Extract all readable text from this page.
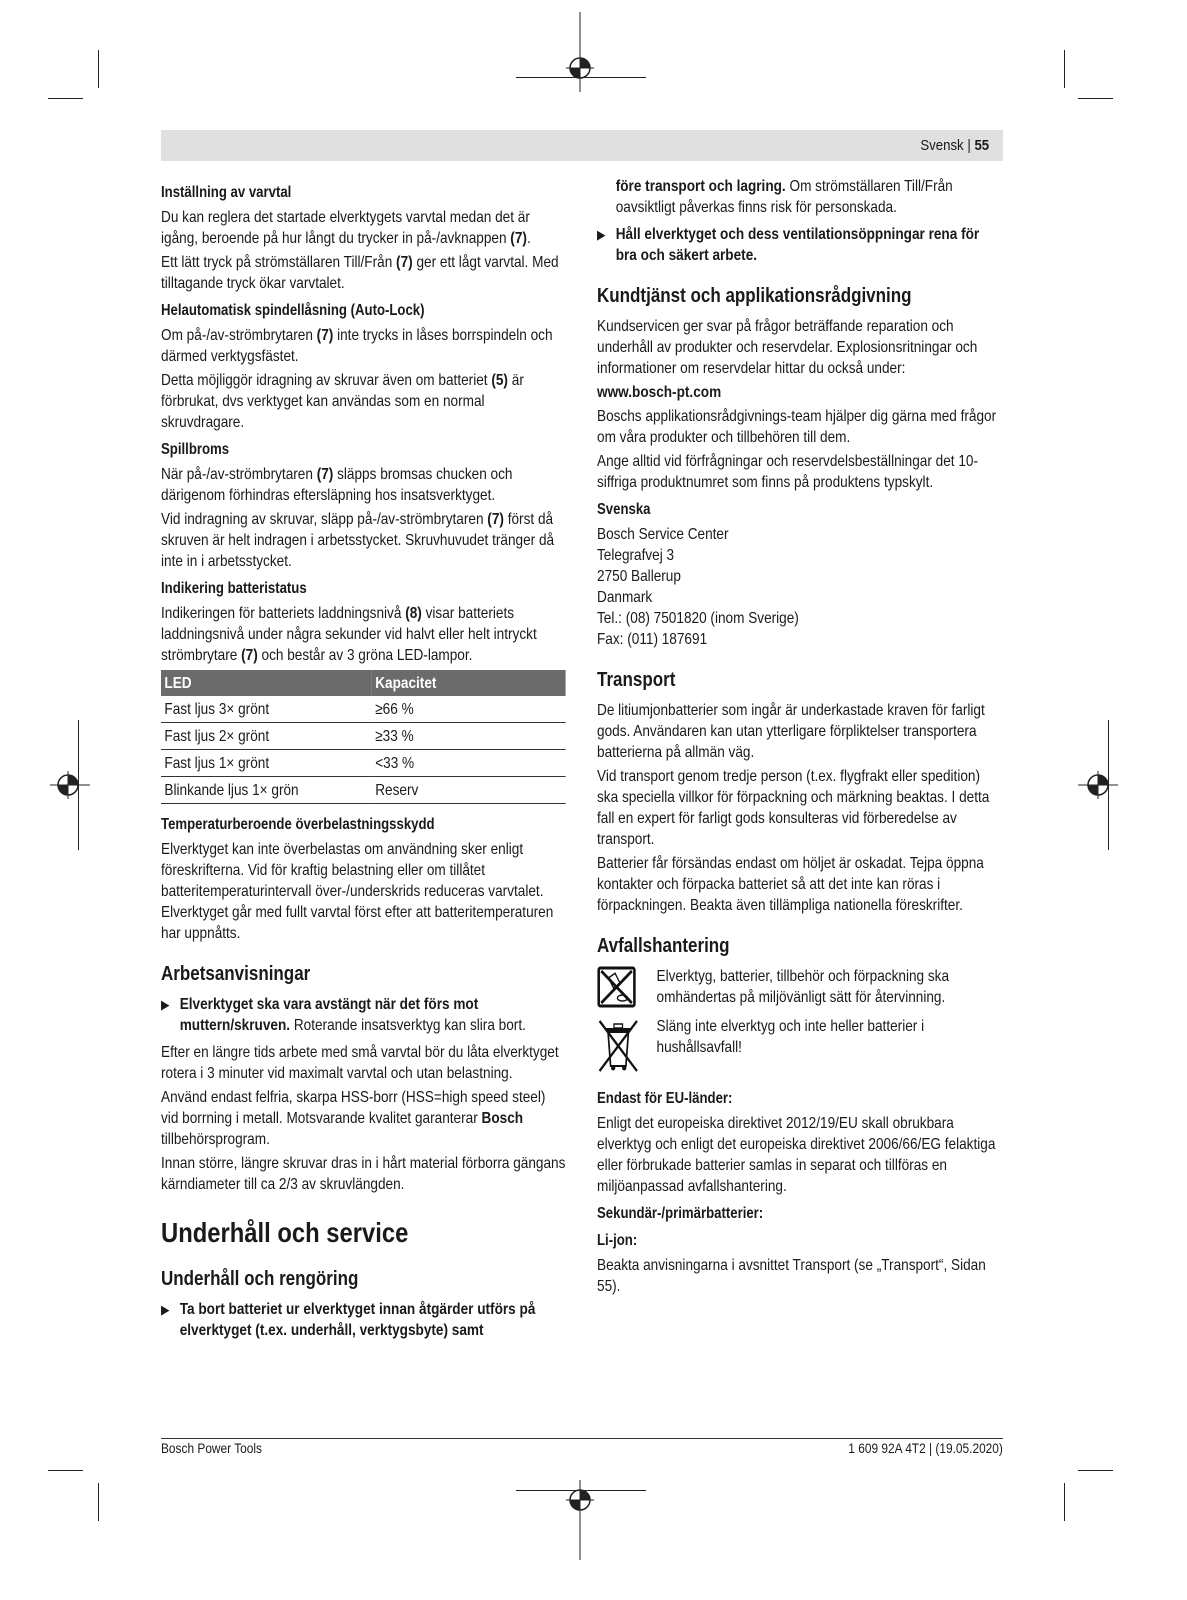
Svensk | 55
Inställning av varvtal
Du kan reglera det startade elverktygets varvtal medan det är igång, beroende på hur långt du trycker in på-/avknappen (7).
Ett lätt tryck på strömställaren Till/Från (7) ger ett lågt varvtal. Med tilltagande tryck ökar varvtalet.
Helautomatisk spindellåsning (Auto-Lock)
Om på-/av-strömbrytaren (7) inte trycks in låses borrspindeln och därmed verktygsfästet.
Detta möjliggör idragning av skruvar även om batteriet (5) är förbrukat, dvs verktyget kan användas som en normal skruvdragare.
Spillbroms
När på-/av-strömbrytaren (7) släpps bromsas chucken och därigenom förhindras eftersläpning hos insatsverktyget.
Vid indragning av skruvar, släpp på-/av-strömbrytaren (7) först då skruven är helt indragen i arbetsstycket. Skruvhuvudet tränger då inte in i arbetsstycket.
Indikering batteristatus
Indikeringen för batteriets laddningsnivå (8) visar batteriets laddningsnivå under några sekunder vid halvt eller helt intryckt strömbrytare (7) och består av 3 gröna LED-lampor.
LED	Kapacitet
Fast ljus 3× grönt	≥66 %
Fast ljus 2× grönt	≥33 %
Fast ljus 1× grönt	<33 %
Blinkande ljus 1× grön	Reserv
Temperaturberoende överbelastningsskydd
Elverktyget kan inte överbelastas om användning sker enligt föreskrifterna. Vid för kraftig belastning eller om tillåtet batteritemperaturintervall över-/underskrids reduceras varvtalet. Elverktyget går med fullt varvtal först efter att batteritemperaturen har uppnåtts.
Arbetsanvisningar
▶ Elverktyget ska vara avstängt när det förs mot muttern/skruven. Roterande insatsverktyg kan slira bort.
Efter en längre tids arbete med små varvtal bör du låta elverktyget rotera i 3 minuter vid maximalt varvtal och utan belastning.
Använd endast felfria, skarpa HSS-borr (HSS=high speed steel) vid borrning i metall. Motsvarande kvalitet garanterar Bosch tillbehörsprogram.
Innan större, längre skruvar dras in i hårt material förborra gängans kärndiameter till ca 2/3 av skruvlängden.
Underhåll och service
Underhåll och rengöring
▶ Ta bort batteriet ur elverktyget innan åtgärder utförs på elverktyget (t.ex. underhåll, verktygsbyte) samt
före transport och lagring. Om strömställaren Till/Från oavsiktligt påverkas finns risk för personskada.
▶ Håll elverktyget och dess ventilationsöppningar rena för bra och säkert arbete.
Kundtjänst och applikationsrådgivning
Kundservicen ger svar på frågor beträffande reparation och underhåll av produkter och reservdelar. Explosionsritningar och informationer om reservdelar hittar du också under:
www.bosch-pt.com
Boschs applikationsrådgivnings-team hjälper dig gärna med frågor om våra produkter och tillbehören till dem.
Ange alltid vid förfrågningar och reservdelsbeställningar det 10-siffriga produktnumret som finns på produktens typskylt.
Svenska
Bosch Service Center
Telegrafvej 3
2750 Ballerup
Danmark
Tel.: (08) 7501820 (inom Sverige)
Fax: (011) 187691
Transport
De litiumjonbatterier som ingår är underkastade kraven för farligt gods. Användaren kan utan ytterligare förpliktelser transportera batterierna på allmän väg.
Vid transport genom tredje person (t.ex. flygfrakt eller spedition) ska speciella villkor för förpackning och märkning beaktas. I detta fall en expert för farligt gods konsulteras vid förberedelse av transport.
Batterier får försändas endast om höljet är oskadat. Tejpa öppna kontakter och förpacka batteriet så att det inte kan röras i förpackningen. Beakta även tillämpliga nationella föreskrifter.
Avfallshantering
Elverktyg, batterier, tillbehör och förpackning ska omhändertas på miljövänligt sätt för återvinning.
Släng inte elverktyg och inte heller batterier i hushållsavfall!
Endast för EU-länder:
Enligt det europeiska direktivet 2012/19/EU skall obrukbara elverktyg och enligt det europeiska direktivet 2006/66/EG felaktiga eller förbrukade batterier samlas in separat och tillföras en miljöanpassad avfallshantering.
Sekundär-/primärbatterier:
Li-jon:
Beakta anvisningarna i avsnittet Transport (se „Transport“, Sidan 55).
Bosch Power Tools	1 609 92A 4T2 | (19.05.2020)
